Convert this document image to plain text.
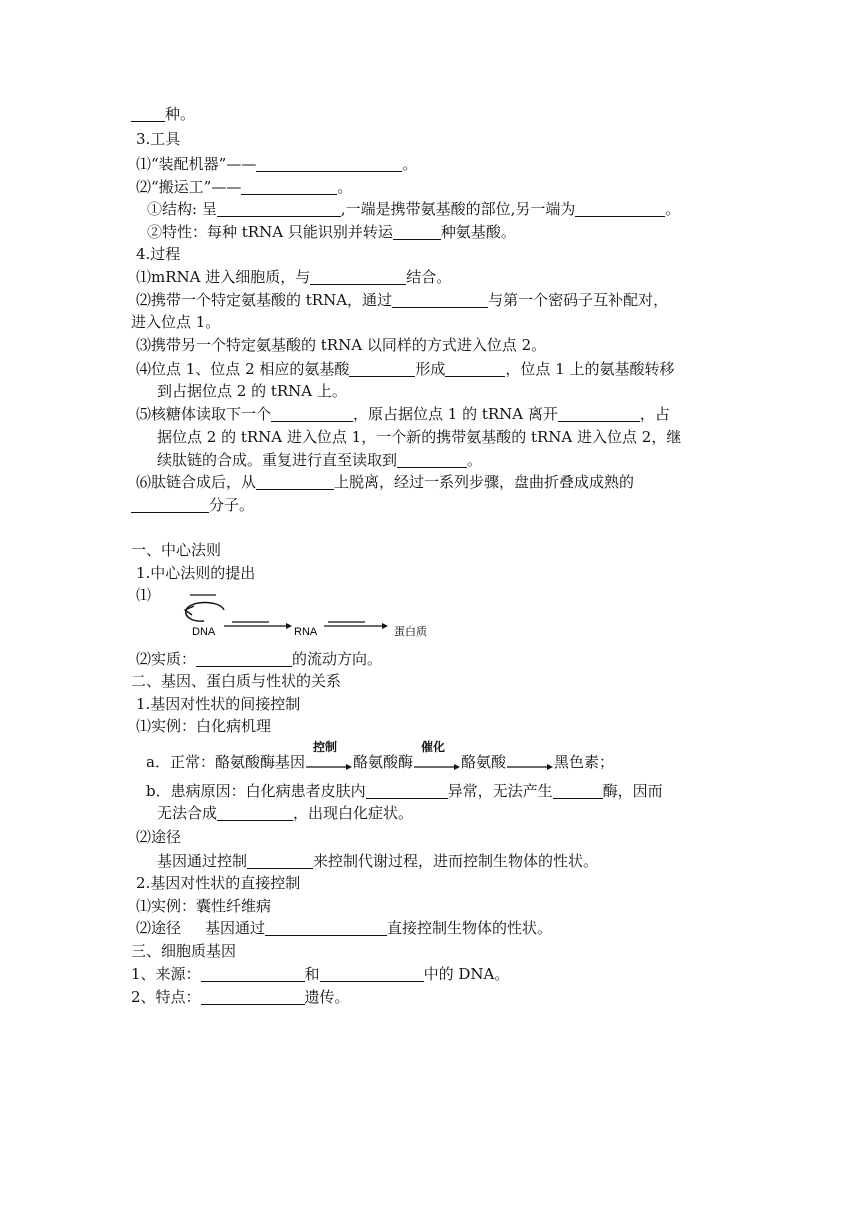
种。
3.工具
⑴“装配机器”——	。
⑵“搬运工”——	。
①结构: 呈	,一端是携带氨基酸的部位,另一端为	。
②特性：每种 tRNA 只能识别并转运	种氨基酸。
4.过程
⑴mRNA 进入细胞质，与	结合。
⑵携带一个特定氨基酸的 tRNA，通过	与第一个密码子互补配对，
进入位点 1。
⑶携带另一个特定氨基酸的 tRNA 以同样的方式进入位点 2。
⑷位点 1、位点 2 相应的氨基酸	形成	，位点 1 上的氨基酸转移
到占据位点 2 的 tRNA 上。
⑸核糖体读取下一个	，原占据位点 1 的 tRNA 离开	，占
据位点 2 的 tRNA 进入位点 1，一个新的携带氨基酸的 tRNA 进入位点 2，继
续肽链的合成。重复进行直至读取到	。
⑹肽链合成后，从	上脱离，经过一系列步骤，盘曲折叠成成熟的
分子。
一、中心法则
1.中心法则的提出
⑴
DNA	RNA	蛋白质
⑵实质：	的流动方向。
二、基因、蛋白质与性状的关系
1.基因对性状的间接控制
⑴实例：白化病机理
a．正常：酪氨酸酶基因
控制
酪氨酸酶
催化
酪氨酸	黑色素；
b．患病原因：白化病患者皮肤内	异常，无法产生	酶，因而
无法合成	，出现白化症状。
⑵途径
基因通过控制	来控制代谢过程，进而控制生物体的性状。
2.基因对性状的直接控制
⑴实例：囊性纤维病
⑵途径 基因通过	直接控制生物体的性状。
三、细胞质基因
1、来源：	和	中的 DNA。
2、特点：	遗传。
